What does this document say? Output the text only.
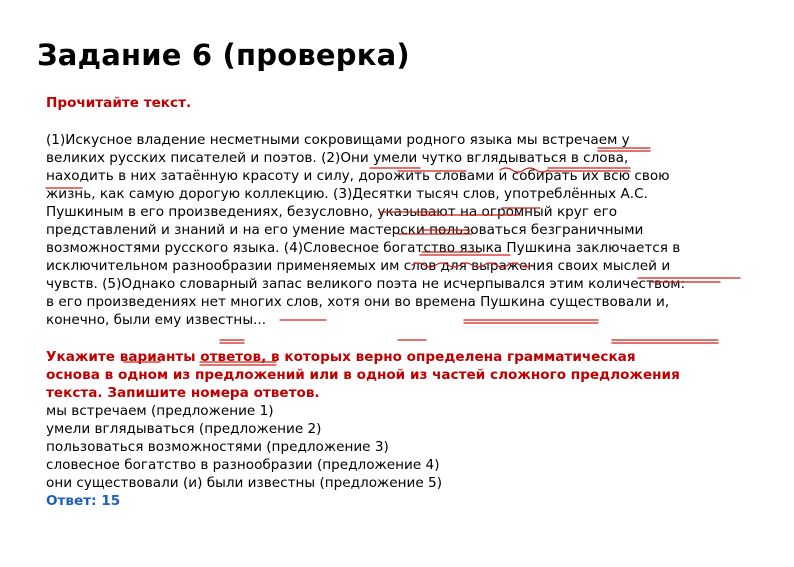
Задание 6 (проверка)
Прочитайте текст.
(1)Искусное владение несметными сокровищами родного языка мы встречаем у
великих русских писателей и поэтов. (2)Они умели чутко вглядываться в слова,
находить в них затаённую красоту и силу, дорожить словами и собирать их всю свою
жизнь, как самую дорогую коллекцию. (3)Десятки тысяч слов, употреблённых А.С.
Пушкиным в его произведениях, безусловно, указывают на огромный круг его
представлений и знаний и на его умение мастерски пользоваться безграничными
возможностями русского языка. (4)Словесное богатство языка Пушкина заключается в
исключительном разнообразии применяемых им слов для выражения своих мыслей и
чувств. (5)Однако словарный запас великого поэта не исчерпывался этим количеством:
в его произведениях нет многих слов, хотя они во времена Пушкина существовали и,
конечно, были ему известны...
Укажите варианты ответов, в которых верно определена грамматическая
основа в одном из предложений или в одной из частей сложного предложения
текста. Запишите номера ответов.
мы встречаем (предложение 1)
умели вглядываться (предложение 2)
пользоваться возможностями (предложение 3)
словесное богатство в разнообразии (предложение 4)
они существовали (и) были известны (предложение 5)
Ответ: 15
